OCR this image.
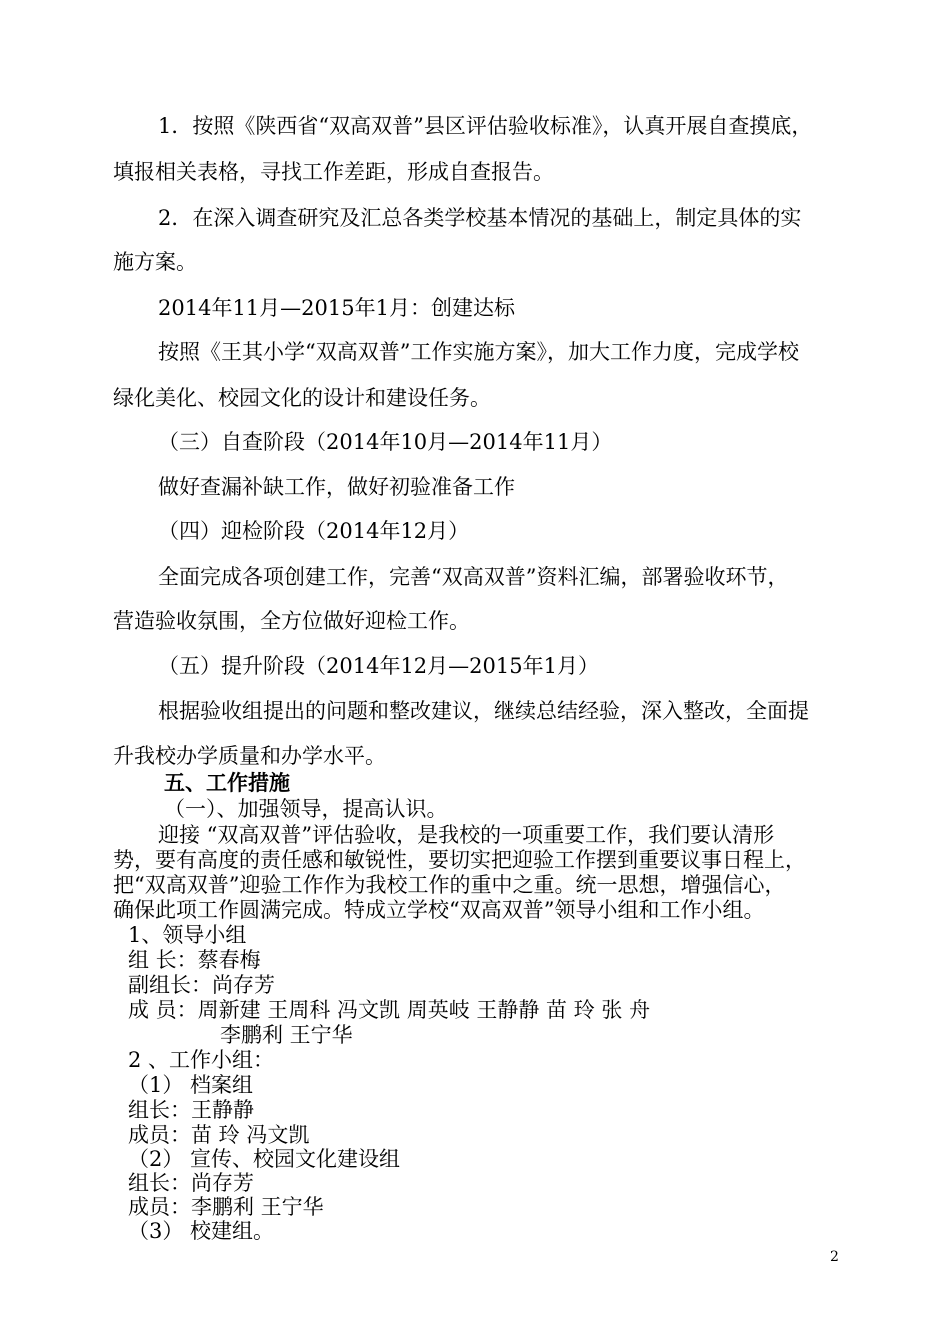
1．按照《陕西省“双高双普”县区评估验收标准》，认真开展自查摸底，
填报相关表格，寻找工作差距，形成自查报告。
2．在深入调查研究及汇总各类学校基本情况的基础上，制定具体的实
施方案。
2014年11月—2015年1月：创建达标
按照《王其小学“双高双普”工作实施方案》，加大工作力度，完成学校
绿化美化、校园文化的设计和建设任务。
（三）自查阶段（2014年10月—2014年11月）
做好查漏补缺工作，做好初验准备工作
（四）迎检阶段（2014年12月）
全面完成各项创建工作，完善“双高双普”资料汇编，部署验收环节，
营造验收氛围，全方位做好迎检工作。
（五）提升阶段（2014年12月—2015年1月）
根据验收组提出的问题和整改建议，继续总结经验，深入整改，全面提
升我校办学质量和办学水平。
五、工作措施
（一）、加强领导，提高认识。
迎接 “双高双普”评估验收，是我校的一项重要工作，我们要认清形
势，要有高度的责任感和敏锐性，要切实把迎验工作摆到重要议事日程上，
把“双高双普”迎验工作作为我校工作的重中之重。统一思想，增强信心，
确保此项工作圆满完成。特成立学校“双高双普”领导小组和工作小组。
1、领导小组
组 长：蔡春梅
副组长：尚存芳
成 员：周新建 王周科 冯文凯 周英岐 王静静 苗 玲 张 舟
李鹏利 王宁华
2 、工作小组：
（1） 档案组
组长：王静静
成员：苗 玲 冯文凯
（2） 宣传、校园文化建设组
组长：尚存芳
成员：李鹏利 王宁华
（3） 校建组。
2
